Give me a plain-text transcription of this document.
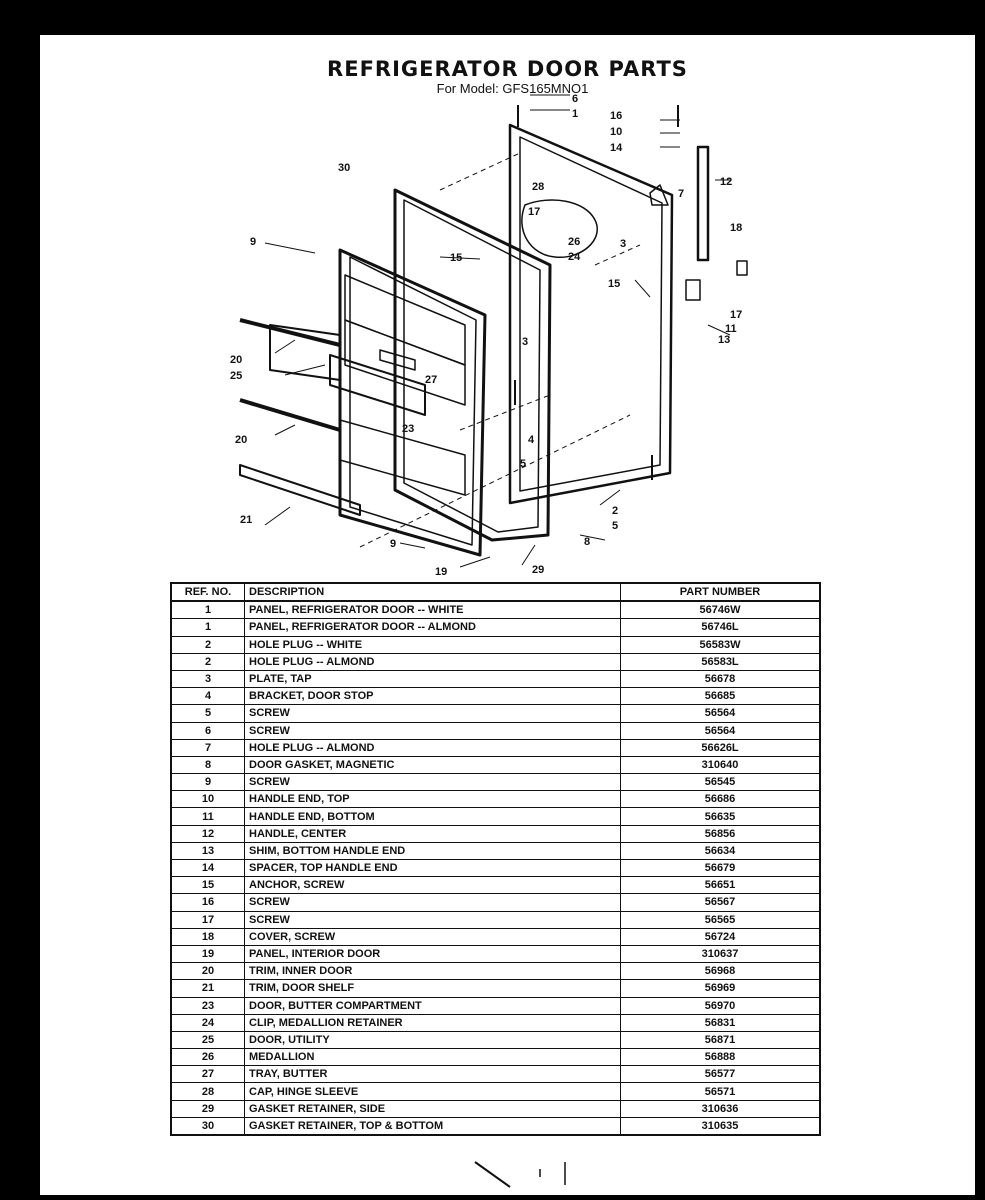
REFRIGERATOR DOOR PARTS
For Model: GFS165MNO1
6
1	16
10
14
12
7
28
30
17
26
24
3
18
9
15
15
17
11
13
3
20
25	27
23
4
5
20
21
2
5
8
9
19	29
REF. NO.	DESCRIPTION	PART NUMBER
1	PANEL, REFRIGERATOR DOOR -- WHITE	56746W
1	PANEL, REFRIGERATOR DOOR -- ALMOND	56746L
2	HOLE PLUG -- WHITE	56583W
2	HOLE PLUG -- ALMOND	56583L
3	PLATE, TAP	56678
4	BRACKET, DOOR STOP	56685
5	SCREW	56564
6	SCREW	56564
7	HOLE PLUG -- ALMOND	56626L
8	DOOR GASKET, MAGNETIC	310640
9	SCREW	56545
10	HANDLE END, TOP	56686
11	HANDLE END, BOTTOM	56635
12	HANDLE, CENTER	56856
13	SHIM, BOTTOM HANDLE END	56634
14	SPACER, TOP HANDLE END	56679
15	ANCHOR, SCREW	56651
16	SCREW	56567
17	SCREW	56565
18	COVER, SCREW	56724
19	PANEL, INTERIOR DOOR	310637
20	TRIM, INNER DOOR	56968
21	TRIM, DOOR SHELF	56969
23	DOOR, BUTTER COMPARTMENT	56970
24	CLIP, MEDALLION RETAINER	56831
25	DOOR, UTILITY	56871
26	MEDALLION	56888
27	TRAY, BUTTER	56577
28	CAP, HINGE SLEEVE	56571
29	GASKET RETAINER, SIDE	310636
30	GASKET RETAINER, TOP & BOTTOM	310635
